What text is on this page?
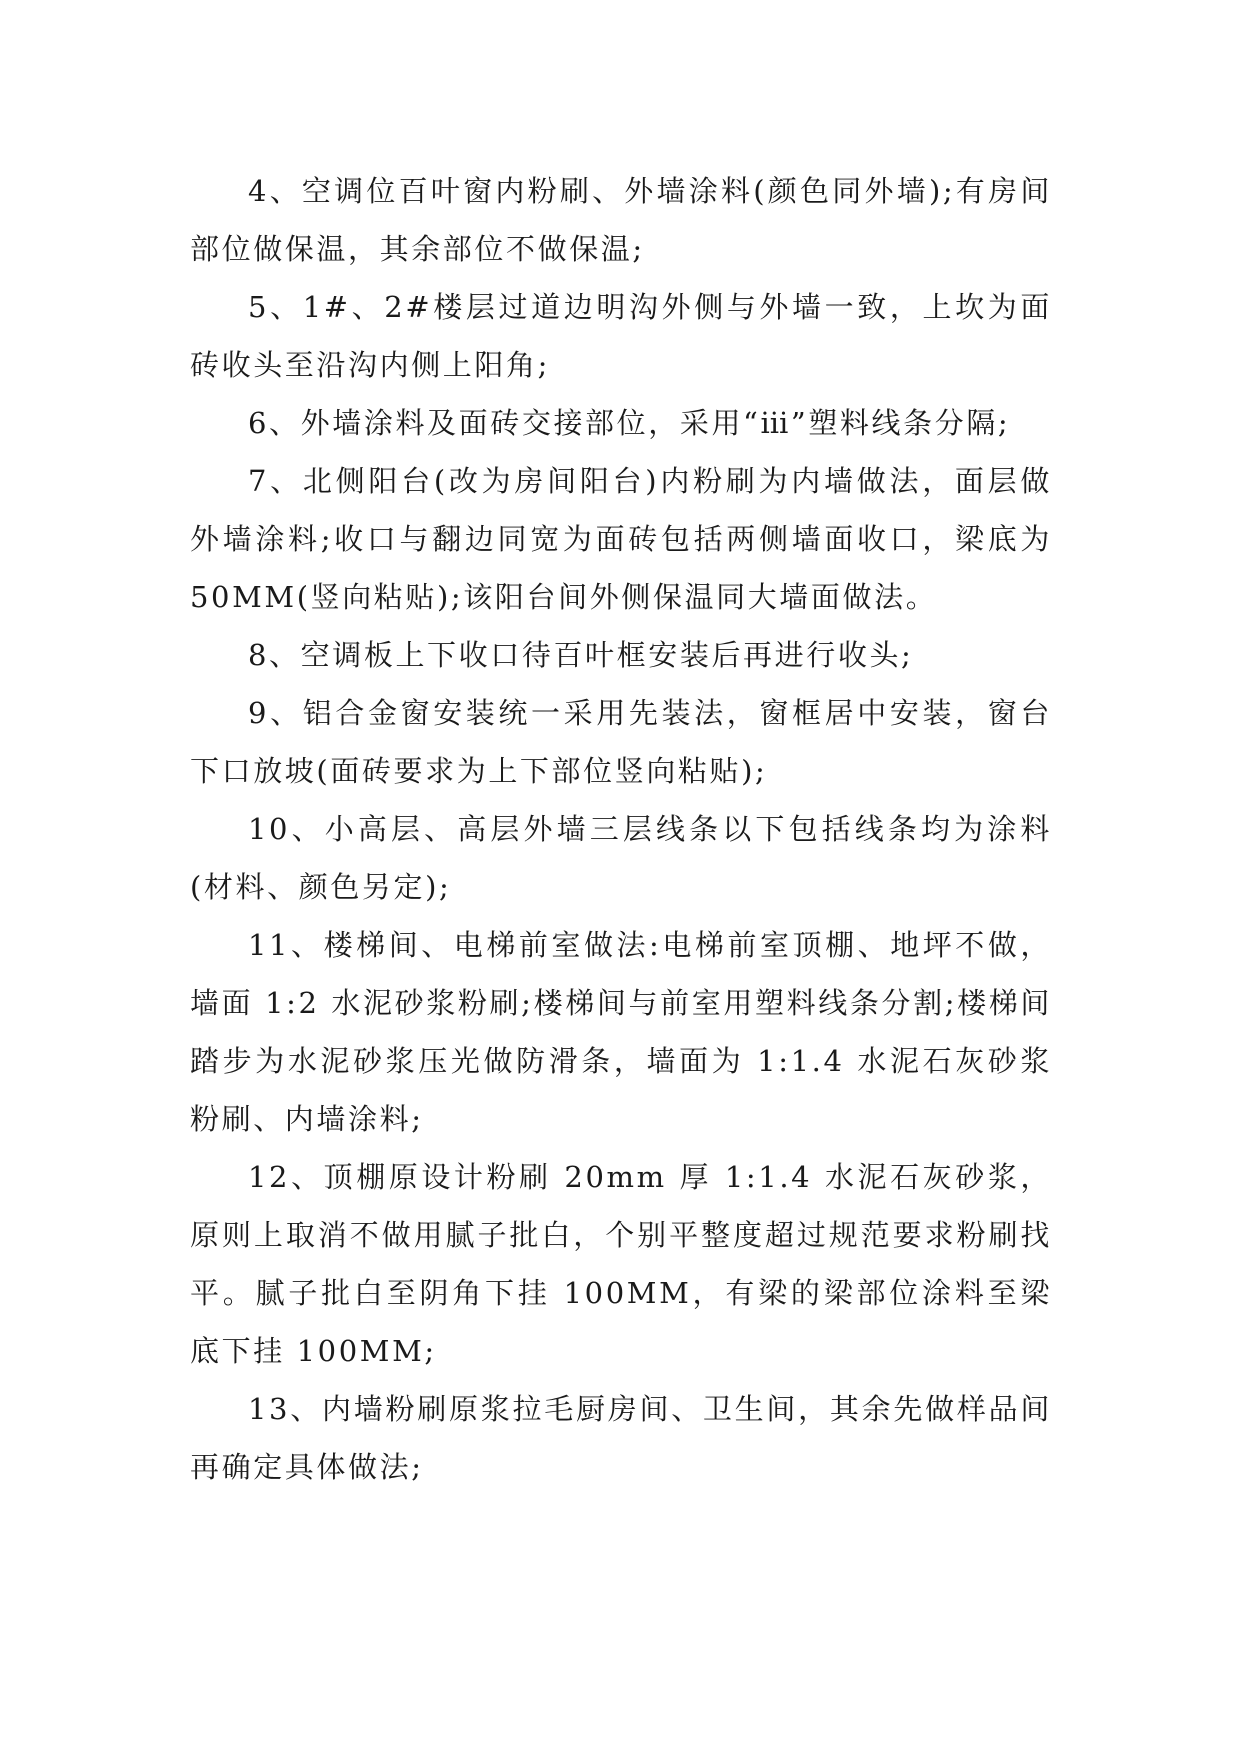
4、空调位百叶窗内粉刷、外墙涂料(颜色同外墙);有房间部位做保温，其余部位不做保温;

5、1#、2#楼层过道边明沟外侧与外墙一致，上坎为面砖收头至沿沟内侧上阳角;

6、外墙涂料及面砖交接部位，采用“ⅲ”塑料线条分隔;

7、北侧阳台(改为房间阳台)内粉刷为内墙做法，面层做外墙涂料;收口与翻边同宽为面砖包括两侧墙面收口，梁底为 50MM(竖向粘贴);该阳台间外侧保温同大墙面做法。

8、空调板上下收口待百叶框安装后再进行收头;

9、铝合金窗安装统一采用先装法，窗框居中安装，窗台下口放坡(面砖要求为上下部位竖向粘贴);

10、小高层、高层外墙三层线条以下包括线条均为涂料(材料、颜色另定);

11、楼梯间、电梯前室做法:电梯前室顶棚、地坪不做，墙面 1:2 水泥砂浆粉刷;楼梯间与前室用塑料线条分割;楼梯间踏步为水泥砂浆压光做防滑条，墙面为 1:1.4 水泥石灰砂浆粉刷、内墙涂料;

12、顶棚原设计粉刷 20mm 厚 1:1.4 水泥石灰砂浆，原则上取消不做用腻子批白，个别平整度超过规范要求粉刷找平。腻子批白至阴角下挂 100MM，有梁的梁部位涂料至梁底下挂 100MM;

13、内墙粉刷原浆拉毛厨房间、卫生间，其余先做样品间再确定具体做法;
